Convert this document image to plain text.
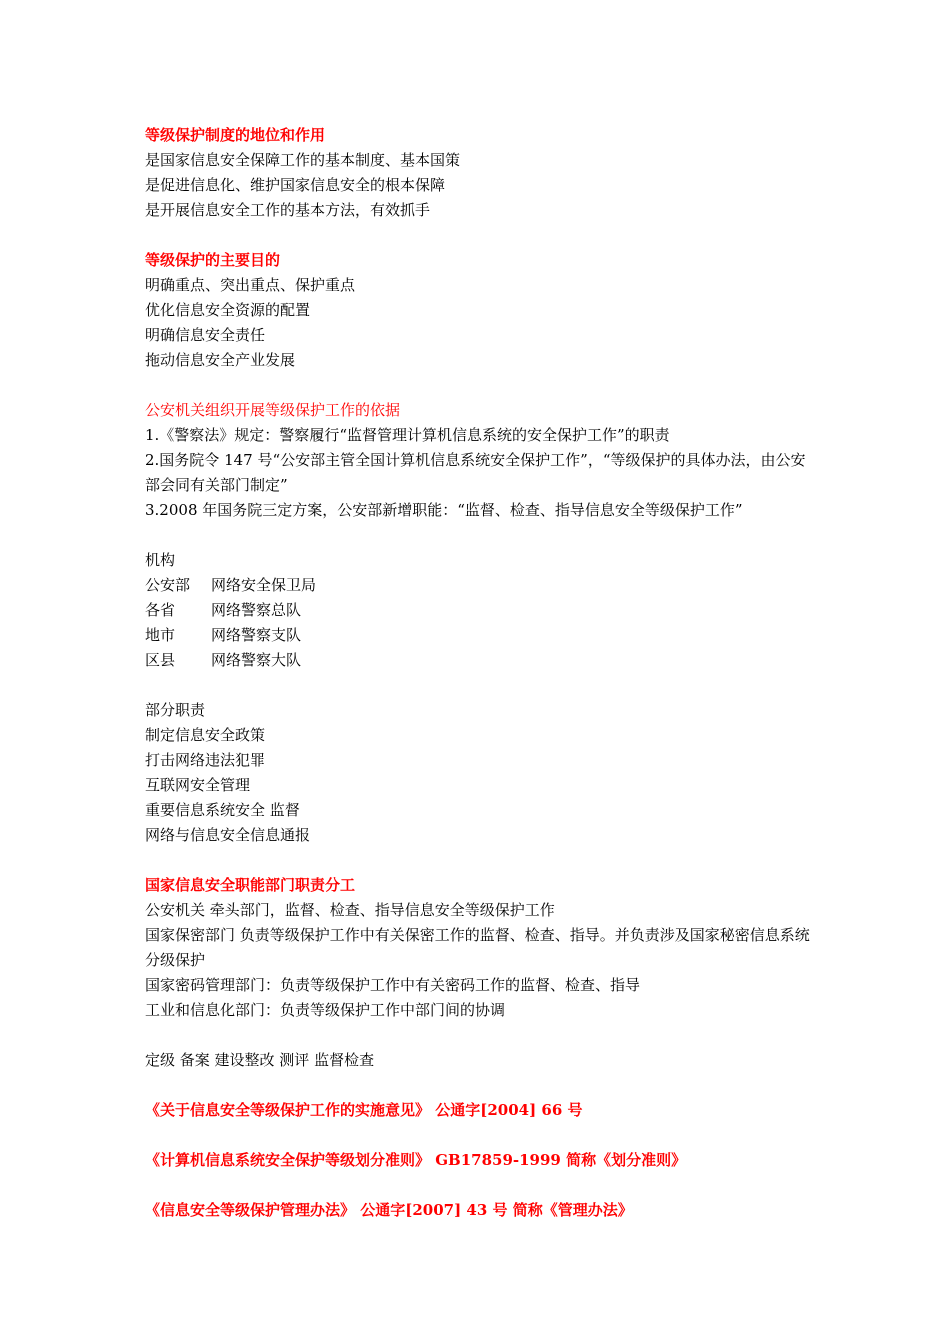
等级保护制度的地位和作用

是国家信息安全保障工作的基本制度、基本国策

是促进信息化、维护国家信息安全的根本保障

是开展信息安全工作的基本方法，有效抓手

等级保护的主要目的

明确重点、突出重点、保护重点

优化信息安全资源的配置

明确信息安全责任

拖动信息安全产业发展

公安机关组织开展等级保护工作的依据

1.《警察法》规定：警察履行“监督管理计算机信息系统的安全保护工作”的职责

2.国务院令 147 号“公安部主管全国计算机信息系统安全保护工作”，“等级保护的具体办法，由公安部会同有关部门制定”

3.2008 年国务院三定方案，公安部新增职能：“监督、检查、指导信息安全等级保护工作”

机构

公安部	网络安全保卫局
各省	网络警察总队
地市	网络警察支队
区县	网络警察大队

部分职责

制定信息安全政策

打击网络违法犯罪

互联网安全管理

重要信息系统安全 监督

网络与信息安全信息通报

国家信息安全职能部门职责分工

公安机关 牵头部门，监督、检查、指导信息安全等级保护工作

国家保密部门 负责等级保护工作中有关保密工作的监督、检查、指导。并负责涉及国家秘密信息系统分级保护

国家密码管理部门：负责等级保护工作中有关密码工作的监督、检查、指导

工业和信息化部门：负责等级保护工作中部门间的协调

定级 备案 建设整改 测评 监督检查

《关于信息安全等级保护工作的实施意见》 公通字[2004] 66 号

《计算机信息系统安全保护等级划分准则》 GB17859-1999 简称《划分准则》

《信息安全等级保护管理办法》 公通字[2007] 43 号 简称《管理办法》
